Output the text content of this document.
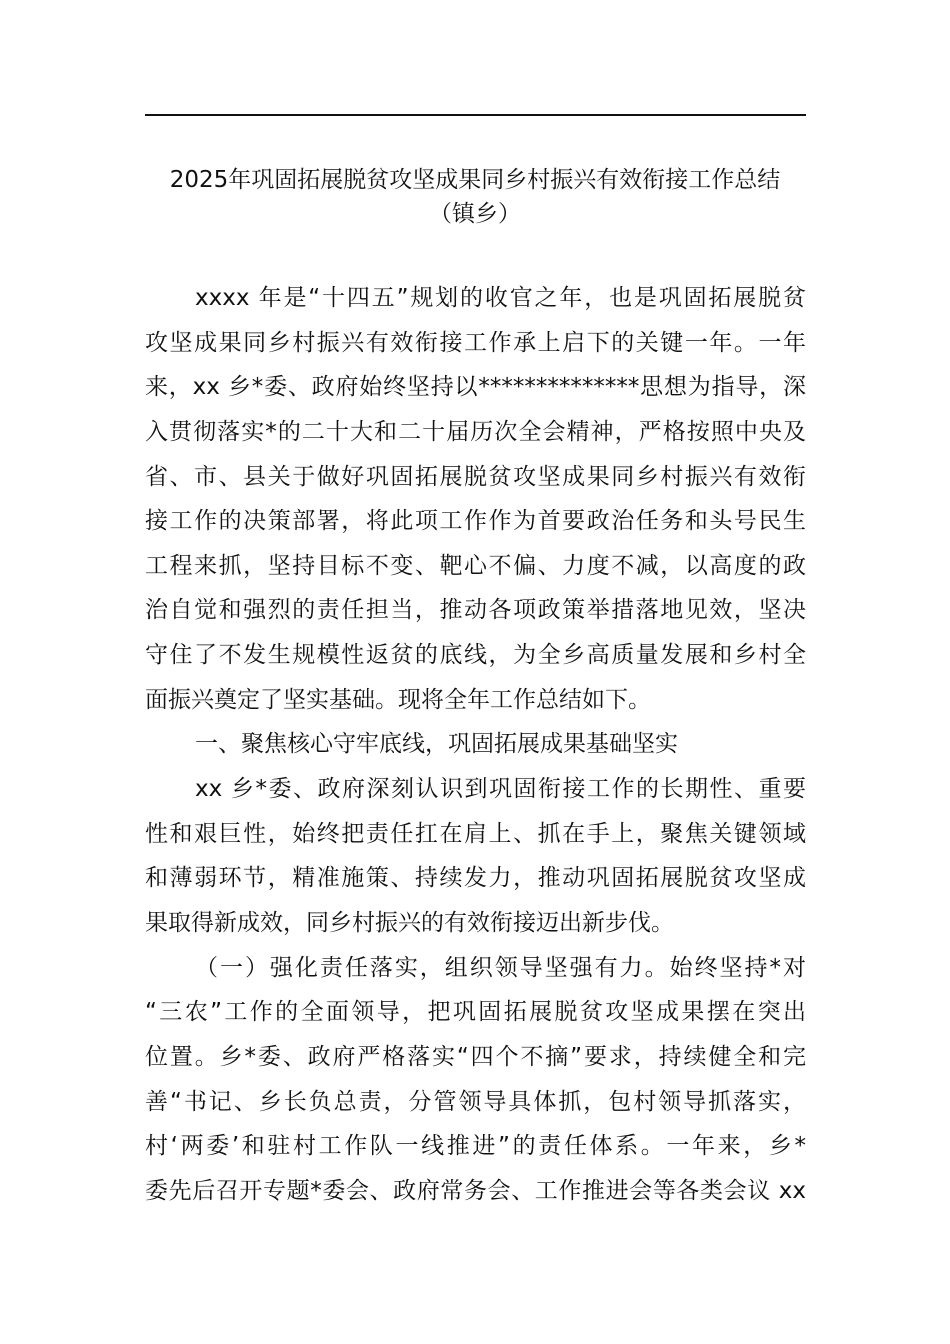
2025年巩固拓展脱贫攻坚成果同乡村振兴有效衔接工作总结
（镇乡）
xxxx 年是“十四五”规划的收官之年，也是巩固拓展脱贫
攻坚成果同乡村振兴有效衔接工作承上启下的关键一年。一年
来，xx 乡*委、政府始终坚持以**************思想为指导，深
入贯彻落实*的二十大和二十届历次全会精神，严格按照中央及
省、市、县关于做好巩固拓展脱贫攻坚成果同乡村振兴有效衔
接工作的决策部署，将此项工作作为首要政治任务和头号民生
工程来抓，坚持目标不变、靶心不偏、力度不减，以高度的政
治自觉和强烈的责任担当，推动各项政策举措落地见效，坚决
守住了不发生规模性返贫的底线，为全乡高质量发展和乡村全
面振兴奠定了坚实基础。现将全年工作总结如下。
一、聚焦核心守牢底线，巩固拓展成果基础坚实
xx 乡*委、政府深刻认识到巩固衔接工作的长期性、重要
性和艰巨性，始终把责任扛在肩上、抓在手上，聚焦关键领域
和薄弱环节，精准施策、持续发力，推动巩固拓展脱贫攻坚成
果取得新成效，同乡村振兴的有效衔接迈出新步伐。
（一）强化责任落实，组织领导坚强有力。始终坚持*对
“三农”工作的全面领导，把巩固拓展脱贫攻坚成果摆在突出
位置。乡*委、政府严格落实“四个不摘”要求，持续健全和完
善“书记、乡长负总责，分管领导具体抓，包村领导抓落实，
村‘两委’和驻村工作队一线推进”的责任体系。一年来，乡*
委先后召开专题*委会、政府常务会、工作推进会等各类会议 xx
